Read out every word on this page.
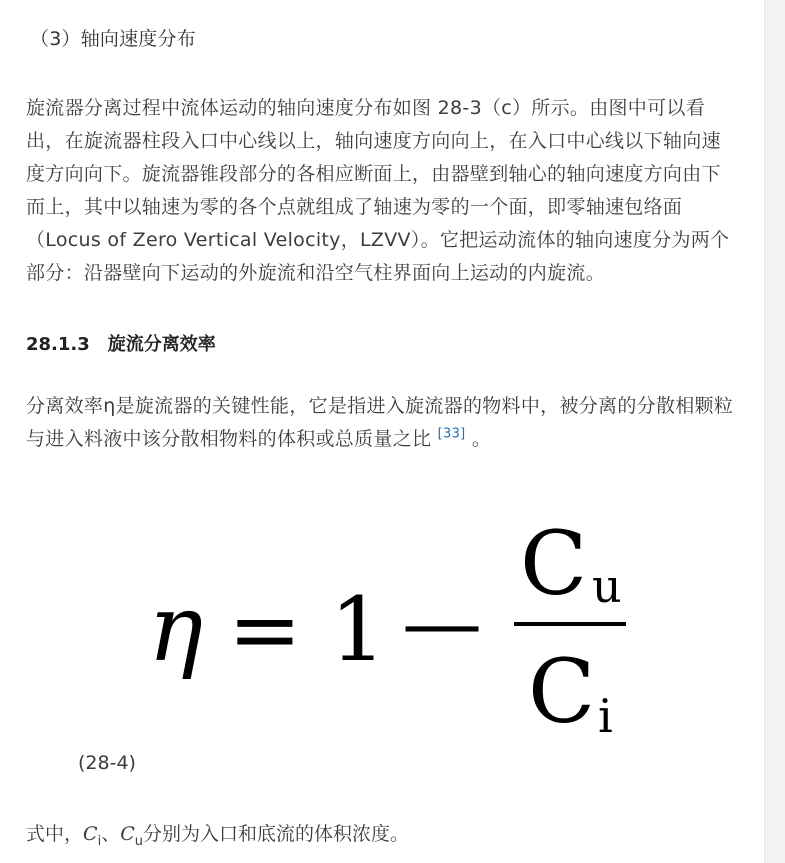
（3）轴向速度分布
旋流器分离过程中流体运动的轴向速度分布如图 28-3（c）所示。由图中可以看出，在旋流器柱段入口中心线以上，轴向速度方向向上，在入口中心线以下轴向速度方向向下。旋流器锥段部分的各相应断面上，由器壁到轴心的轴向速度方向由下而上，其中以轴速为零的各个点就组成了轴速为零的一个面，即零轴速包络面（Locus of Zero Vertical Velocity，LZVV）。它把运动流体的轴向速度分为两个部分：沿器壁向下运动的外旋流和沿空气柱界面向上运动的内旋流。
28.1.3 旋流分离效率
分离效率η是旋流器的关键性能，它是指进入旋流器的物料中，被分离的分散相颗粒与进入料液中该分散相物料的体积或总质量之比 [33] 。
η = 1 —
C u
C i
(28-4)
式中，$C_i$、$C_u$分别为入口和底流的体积浓度。
